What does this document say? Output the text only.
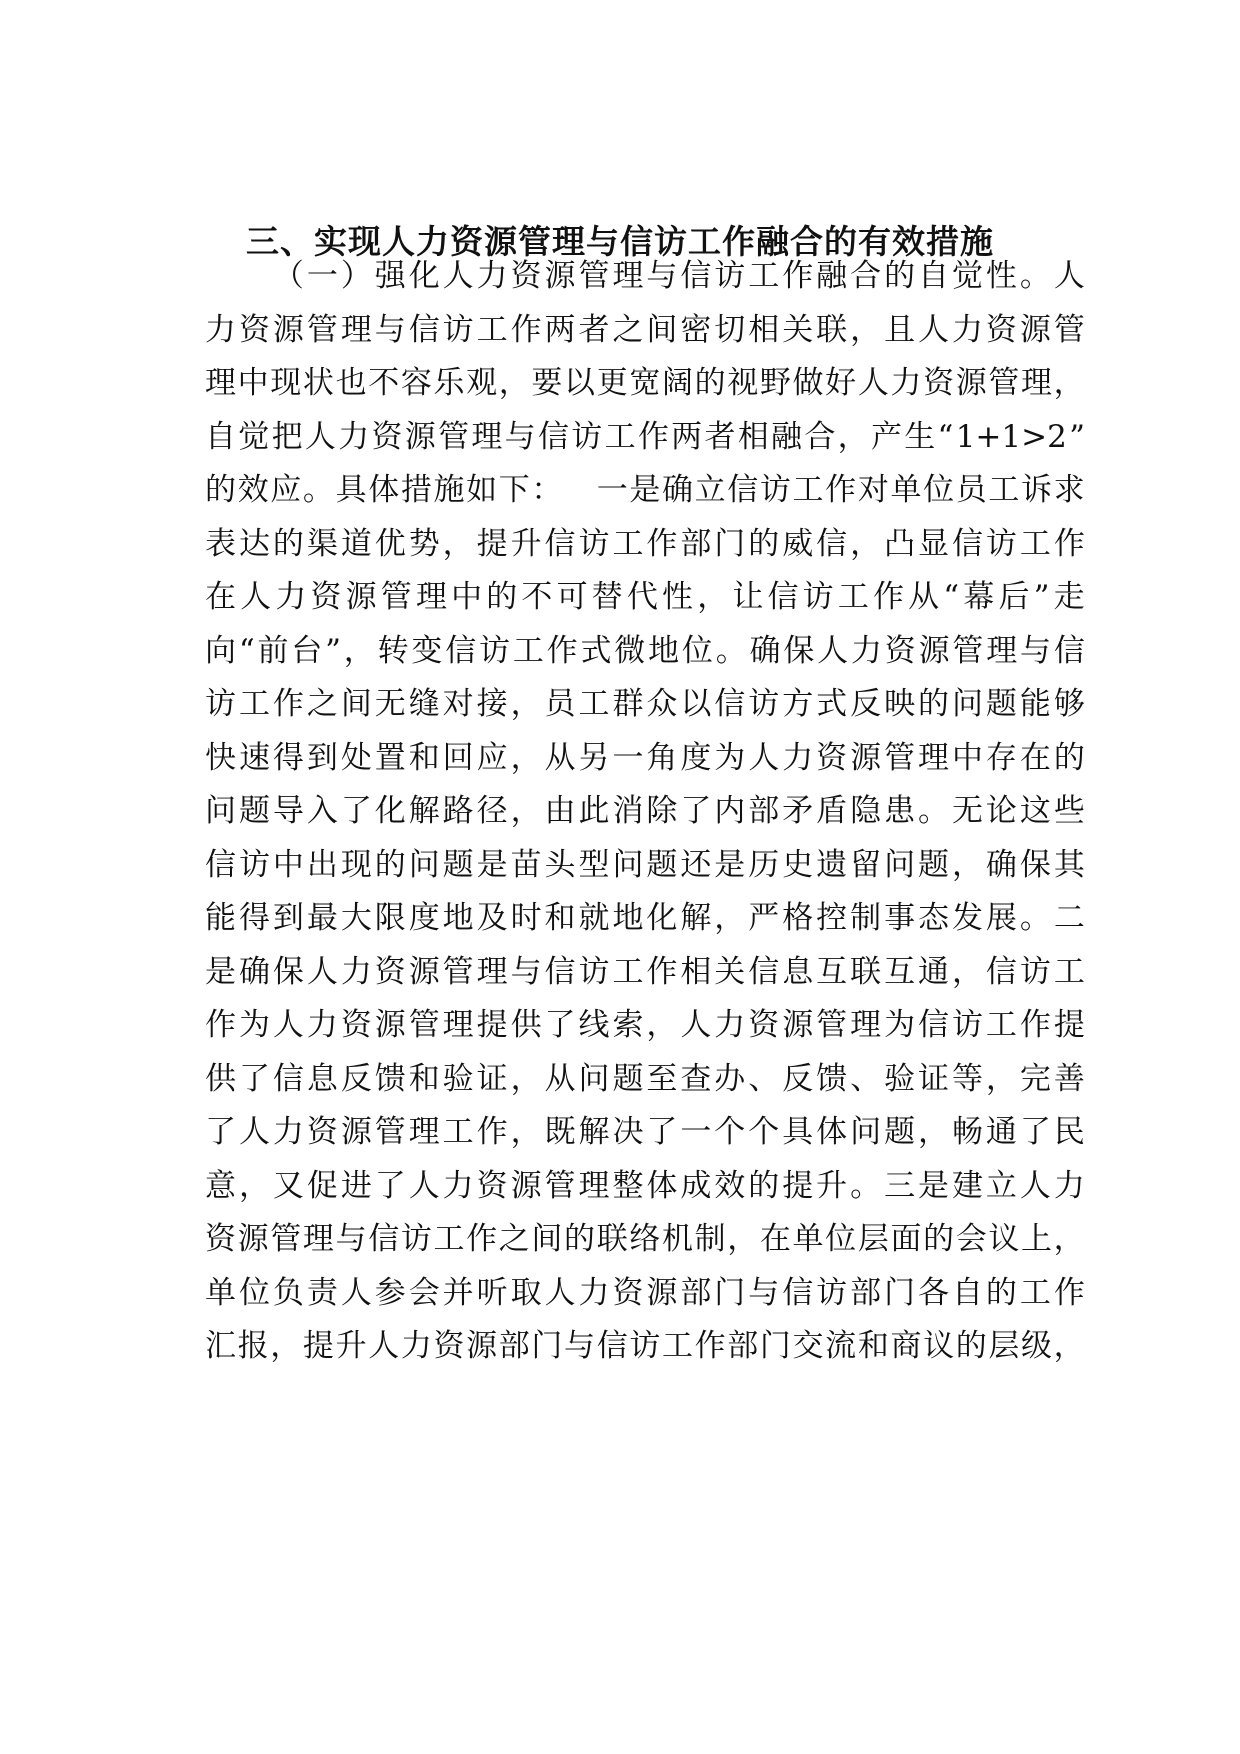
三、实现人力资源管理与信访工作融合的有效措施

（ 一 ） 强 化 人 力 资 源 管 理 与 信 访 工 作 融 合 的 自 觉 性 。 人
力 资 源 管 理 与 信 访 工 作 两 者 之 间 密 切 相 关 联 ， 且 人 力 资 源 管
理 中 现 状 也 不 容 乐 观 ， 要 以 更 宽 阔 的 视 野 做 好 人 力 资 源 管 理 ，
自 觉 把 人 力 资 源 管 理 与 信 访 工 作 两 者 相 融 合 ， 产 生 “ 1+1>2 ”
的 效 应 。 具 体 措 施 如 下 ：
　 一 是 确 立 信 访 工 作 对 单 位 员 工 诉 求
表 达 的 渠 道 优 势 ， 提 升 信 访 工 作 部 门 的 威 信 ， 凸 显 信 访 工 作
在 人 力 资 源 管 理 中 的 不 可 替 代 性 ， 让 信 访 工 作 从 “ 幕 后 ” 走
向 “ 前 台 ” ， 转 变 信 访 工 作 式 微 地 位 。 确 保 人 力 资 源 管 理 与 信
访 工 作 之 间 无 缝 对 接 ， 员 工 群 众 以 信 访 方 式 反 映 的 问 题 能 够
快 速 得 到 处 置 和 回 应 ， 从 另 一 角 度 为 人 力 资 源 管 理 中 存 在 的
问 题 导 入 了 化 解 路 径 ， 由 此 消 除 了 内 部 矛 盾 隐 患 。 无 论 这 些
信 访 中 出 现 的 问 题 是 苗 头 型 问 题 还 是 历 史 遗 留 问 题 ， 确 保 其
能 得 到 最 大 限 度 地 及 时 和 就 地 化 解 ， 严 格 控 制 事 态 发 展 。 二
是 确 保 人 力 资 源 管 理 与 信 访 工 作 相 关 信 息 互 联 互 通 ， 信 访 工
作 为 人 力 资 源 管 理 提 供 了 线 索 ， 人 力 资 源 管 理 为 信 访 工 作 提
供 了 信 息 反 馈 和 验 证 ， 从 问 题 至 查 办 、 反 馈 、 验 证 等 ， 完 善
了 人 力 资 源 管 理 工 作 ， 既 解 决 了 一 个 个 具 体 问 题 ， 畅 通 了 民
意 ， 又 促 进 了 人 力 资 源 管 理 整 体 成 效 的 提 升 。 三 是 建 立 人 力
资 源 管 理 与 信 访 工 作 之 间 的 联 络 机 制 ， 在 单 位 层 面 的 会 议 上 ，
单 位 负 责 人 参 会 并 听 取 人 力 资 源 部 门 与 信 访 部 门 各 自 的 工 作
汇 报 ， 提 升 人 力 资 源 部 门 与 信 访 工 作 部 门 交 流 和 商 议 的 层 级 ，
